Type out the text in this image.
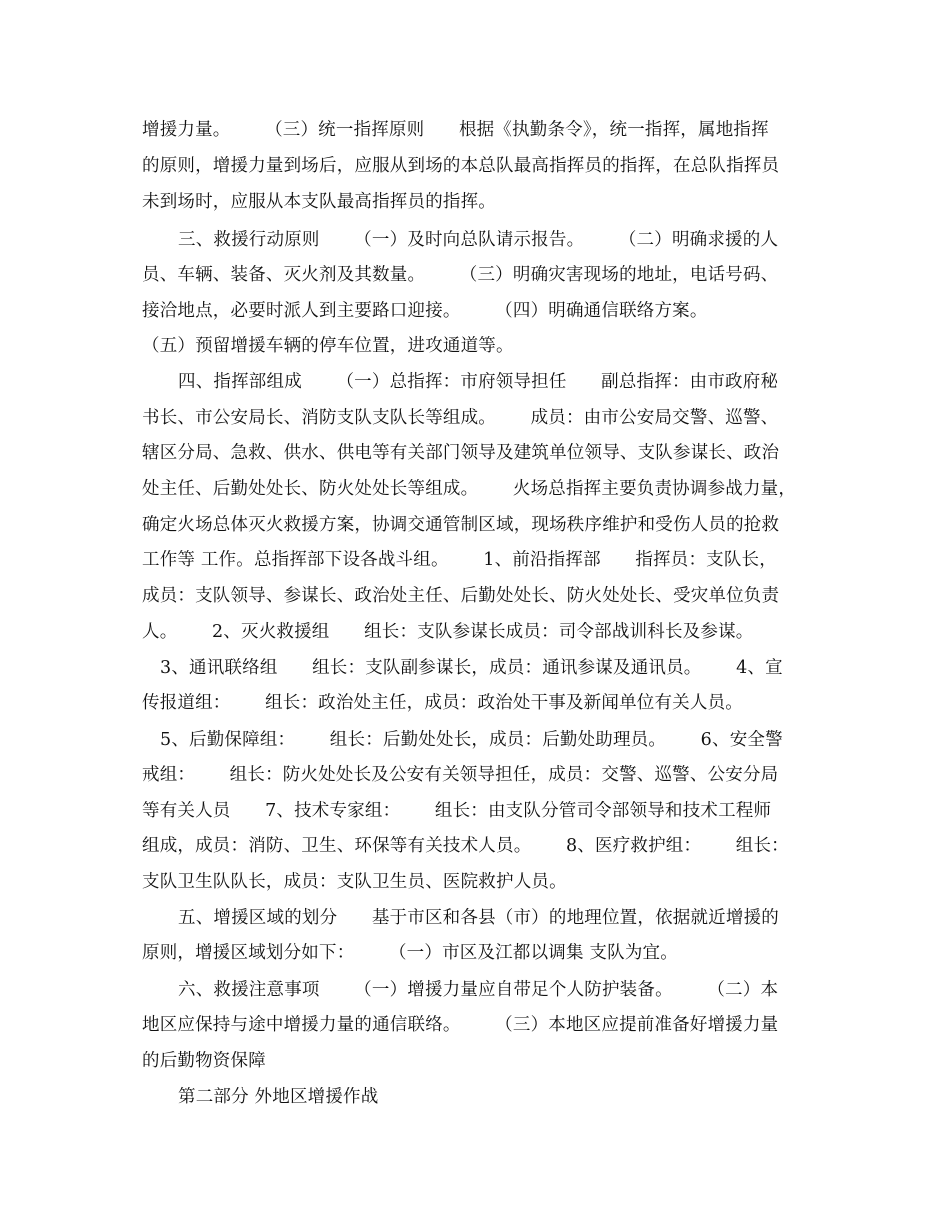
增援力量。      （三）统一指挥原则      根据《执勤条令》，统一指挥，属地指挥
的原则，增援力量到场后，应服从到场的本总队最高指挥员的指挥，在总队指挥员
未到场时，应服从本支队最高指挥员的指挥。
三、救援行动原则      （一）及时向总队请示报告。      （二）明确求援的人
员、车辆、装备、灭火剂及其数量。      （三）明确灾害现场的地址，电话号码、
接洽地点，必要时派人到主要路口迎接。      （四）明确通信联络方案。
（五）预留增援车辆的停车位置，进攻通道等。
四、指挥部组成      （一）总指挥：市府领导担任      副总指挥：由市政府秘
书长、市公安局长、消防支队支队长等组成。      成员：由市公安局交警、巡警、
辖区分局、急救、供水、供电等有关部门领导及建筑单位领导、支队参谋长、政治
处主任、后勤处处长、防火处处长等组成。      火场总指挥主要负责协调参战力量，
确定火场总体灭火救援方案，协调交通管制区域，现场秩序维护和受伤人员的抢救
工作等 工作。总指挥部下设各战斗组。      1、前沿指挥部      指挥员：支队长，
成员：支队领导、参谋长、政治处主任、后勤处处长、防火处处长、受灾单位负责
人。      2、灭火救援组      组长：支队参谋长成员：司令部战训科长及参谋。
3、通讯联络组      组长：支队副参谋长，成员：通讯参谋及通讯员。      4、宣
传报道组：      组长：政治处主任，成员：政治处干事及新闻单位有关人员。
5、后勤保障组：      组长：后勤处处长，成员：后勤处助理员。      6、安全警
戒组：      组长：防火处处长及公安有关领导担任，成员：交警、巡警、公安分局
等有关人员      7、技术专家组：      组长：由支队分管司令部领导和技术工程师
组成，成员：消防、卫生、环保等有关技术人员。      8、医疗救护组：      组长：
支队卫生队队长，成员：支队卫生员、医院救护人员。
五、增援区域的划分      基于市区和各县（市）的地理位置，依据就近增援的
原则，增援区域划分如下：      （一）市区及江都以调集 支队为宜。
六、救援注意事项      （一）增援力量应自带足个人防护装备。      （二）本
地区应保持与途中增援力量的通信联络。      （三）本地区应提前准备好增援力量
的后勤物资保障
第二部分 外地区增援作战
